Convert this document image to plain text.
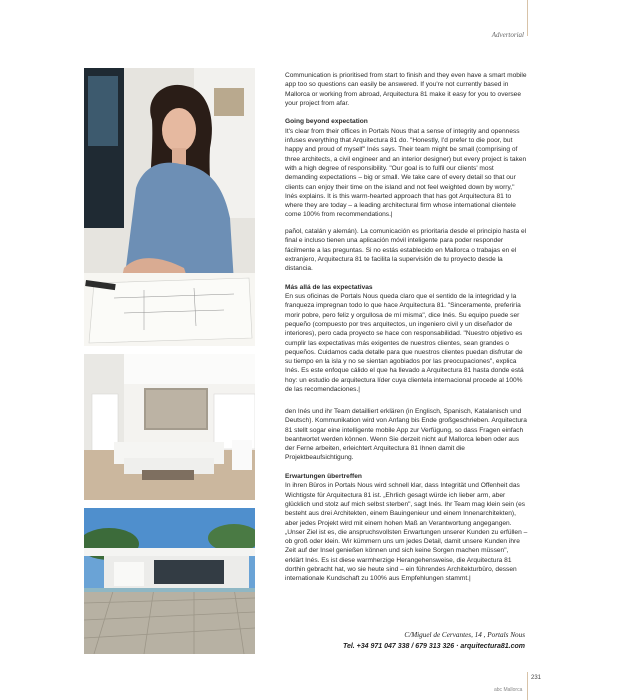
Advertorial

Communication is prioritised from start to finish and they even have a smart mobile app too so questions can easily be answered. If you're not currently based in Mallorca or working from abroad, Arquitectura 81 make it easy for you to oversee your project from afar.

Going beyond expectation

It's clear from their offices in Portals Nous that a sense of integrity and openness infuses everything that Arquitectura 81 do. "Honestly, I'd prefer to die poor, but happy and proud of myself" Inés says. Their team might be small (comprising of three architects, a civil engineer and an interior designer) but every project is taken with a high degree of responsibility. "Our goal is to fulfil our clients' most demanding expectations – big or small. We take care of every detail so that our clients can enjoy their time on the island and not feel weighted down by worry," Inés explains. It is this warm-hearted approach that has got Arquitectura 81 to where they are today – a leading architectural firm whose international clientele come 100% from recommendations.|

pañol, catalán y alemán). La comunicación es prioritaria desde el principio hasta el final e incluso tienen una aplicación móvil inteligente para poder responder fácilmente a las preguntas. Si no estás establecido en Mallorca o trabajas en el extranjero, Arquitectura 81 te facilita la supervisión de tu proyecto desde la distancia.

Más allá de las expectativas

En sus oficinas de Portals Nous queda claro que el sentido de la integridad y la franqueza impregnan todo lo que hace Arquitectura 81. "Sinceramente, preferiría morir pobre, pero feliz y orgullosa de mí misma", dice Inés. Su equipo puede ser pequeño (compuesto por tres arquitectos, un ingeniero civil y un diseñador de interiores), pero cada proyecto se hace con responsabilidad. "Nuestro objetivo es cumplir las expectativas más exigentes de nuestros clientes, sean grandes o pequeños. Cuidamos cada detalle para que nuestros clientes puedan disfrutar de su tiempo en la isla y no se sientan agobiados por las preocupaciones", explica Inés. Es este enfoque cálido el que ha llevado a Arquitectura 81 hasta donde está hoy: un estudio de arquitectura líder cuya clientela internacional procede al 100% de las recomendaciones.|

den Inés und ihr Team detailliert erklären (in Englisch, Spanisch, Katalanisch und Deutsch). Kommunikation wird von Anfang bis Ende großgeschrieben. Arquitectura 81 stellt sogar eine intelligente mobile App zur Verfügung, so dass Fragen einfach beantwortet werden können. Wenn Sie derzeit nicht auf Mallorca leben oder aus der Ferne arbeiten, erleichtert Arquitectura 81 Ihnen damit die Projektbeaufsichtigung.

Erwartungen übertreffen

In ihren Büros in Portals Nous wird schnell klar, dass Integrität und Offenheit das Wichtigste für Arquitectura 81 ist. „Ehrlich gesagt würde ich lieber arm, aber glücklich und stolz auf mich selbst sterben", sagt Inés. Ihr Team mag klein sein (es besteht aus drei Architekten, einem Bauingenieur und einem Innenarchitekten), aber jedes Projekt wird mit einem hohen Maß an Verantwortung angegangen. „Unser Ziel ist es, die anspruchsvollsten Erwartungen unserer Kunden zu erfüllen – ob groß oder klein. Wir kümmern uns um jedes Detail, damit unsere Kunden ihre Zeit auf der Insel genießen können und sich keine Sorgen machen müssen", erklärt Inés. Es ist diese warmherzige Herangehensweise, die Arquitectura 81 dorthin gebracht hat, wo sie heute sind – ein führendes Architekturbüro, dessen internationale Kundschaft zu 100% aus Empfehlungen stammt.|

C/Miguel de Cervantes, 14 , Portals Nous
Tel. +34 971 047 338 / 679 313 326 · arquitectura81.com
231
abc Mallorca
